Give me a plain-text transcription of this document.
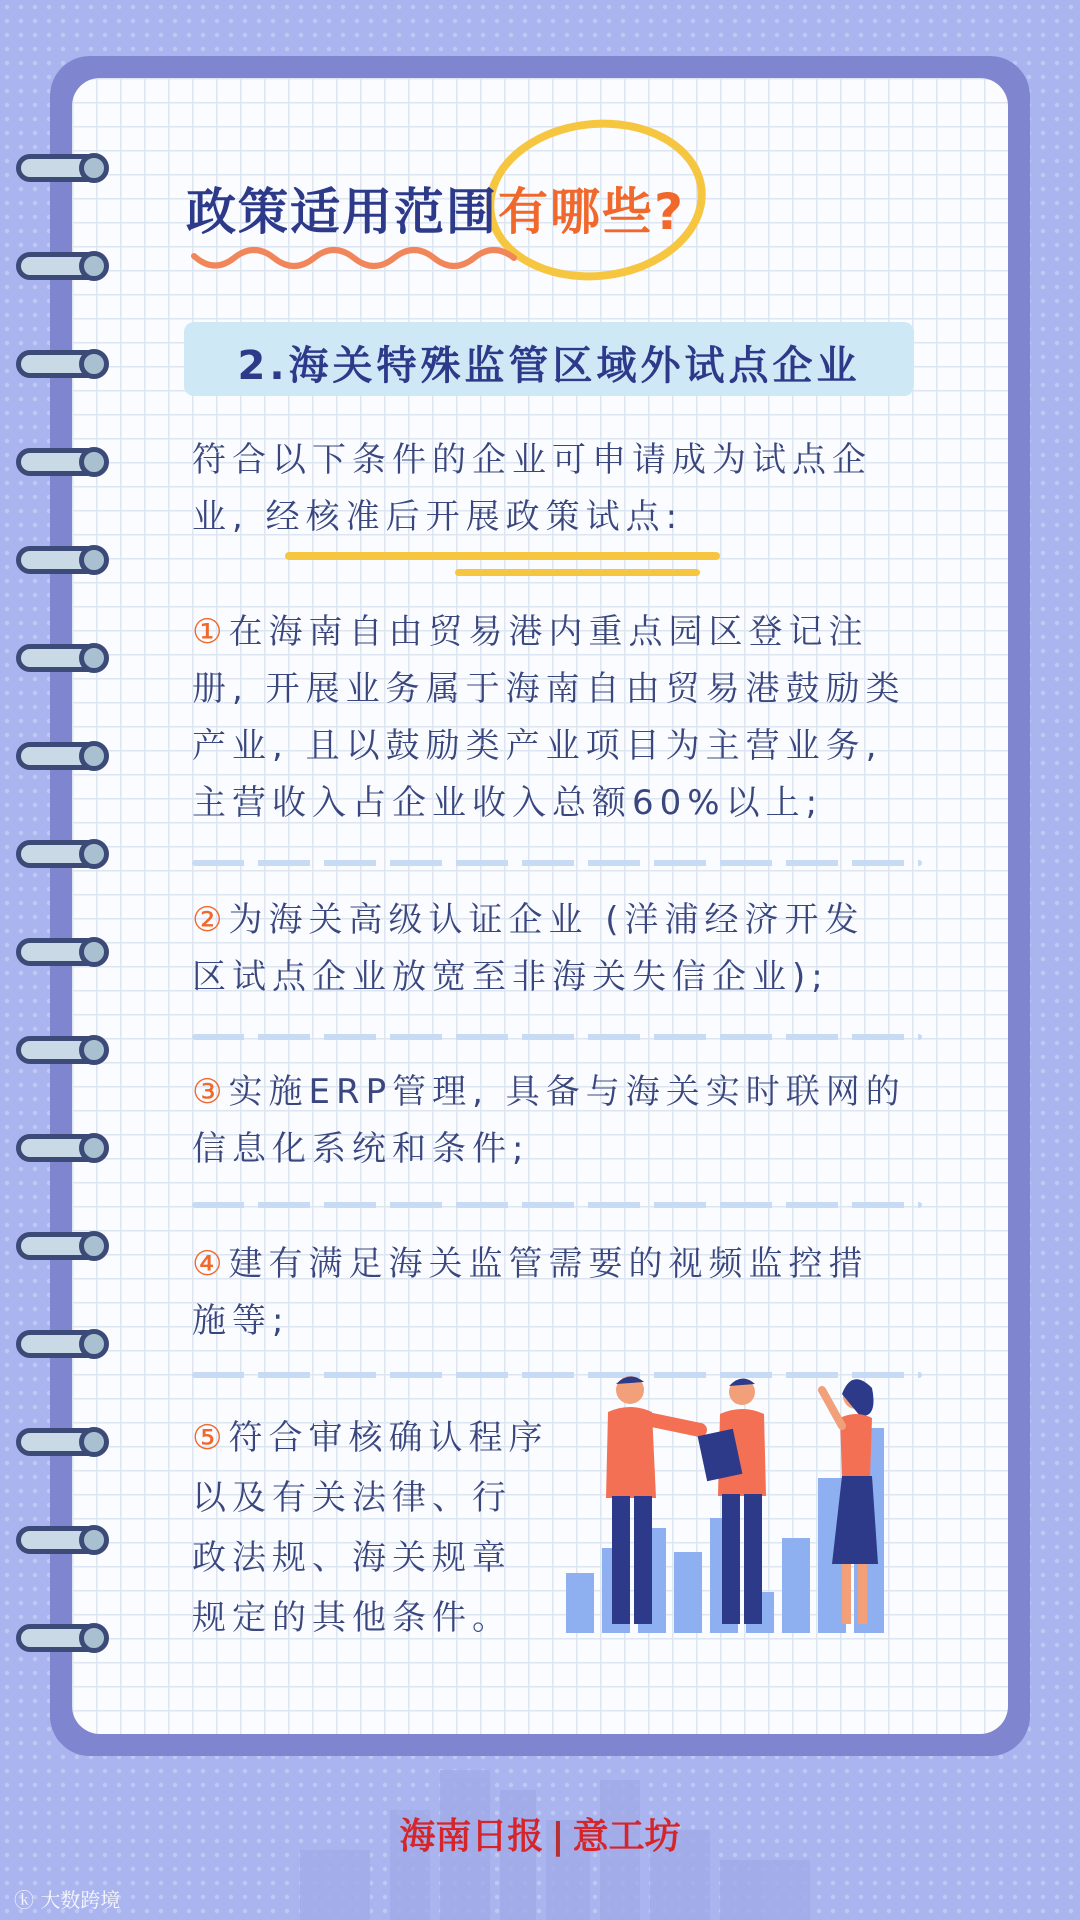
政策适用范围有哪些?
2.海关特殊监管区域外试点企业
符合以下条件的企业可申请成为试点企
业, 经核准后开展政策试点:
①在海南自由贸易港内重点园区登记注
册, 开展业务属于海南自由贸易港鼓励类
产业, 且以鼓励类产业项目为主营业务,
主营收入占企业收入总额60%以上;
②为海关高级认证企业 (洋浦经济开发
区试点企业放宽至非海关失信企业);
③实施ERP管理, 具备与海关实时联网的
信息化系统和条件;
④建有满足海关监管需要的视频监控措
施等;
⑤符合审核确认程序
以及有关法律、行
政法规、海关规章
规定的其他条件。
海南日报 | 意工坊
ⓚ 大数跨境
